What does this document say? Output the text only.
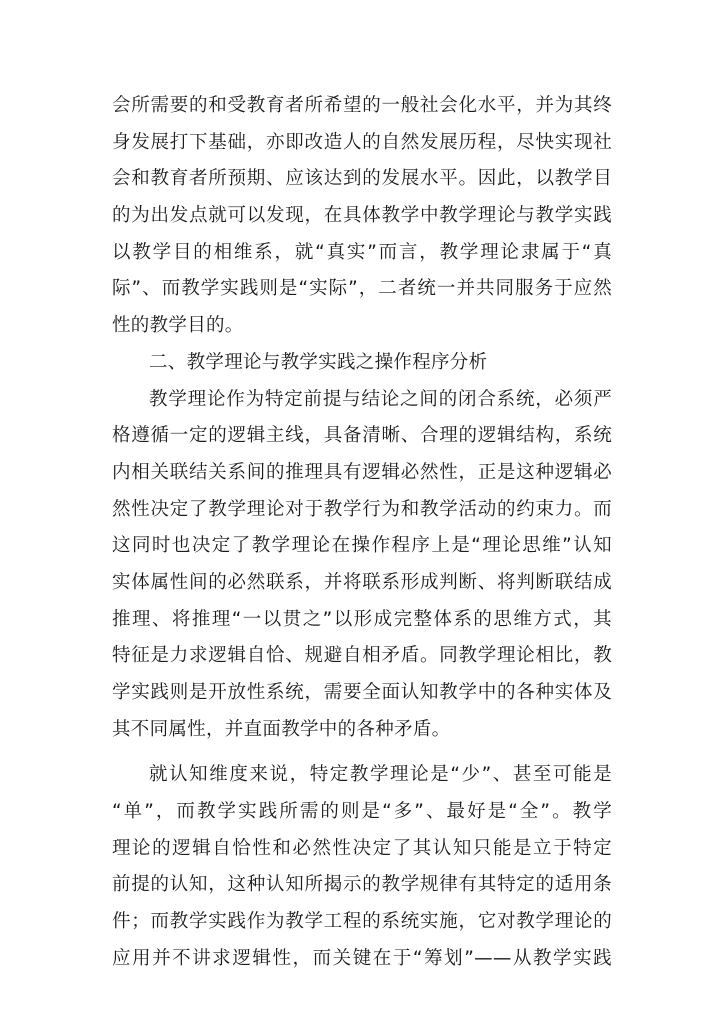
会所需要的和受教育者所希望的一般社会化水平，并为其终
身发展打下基础，亦即改造人的自然发展历程，尽快实现社
会和教育者所预期、应该达到的发展水平。因此，以教学目
的为出发点就可以发现，在具体教学中教学理论与教学实践
以教学目的相维系，就“真实”而言，教学理论隶属于“真
际”、而教学实践则是“实际”，二者统一并共同服务于应然
性的教学目的。
二、教学理论与教学实践之操作程序分析
教学理论作为特定前提与结论之间的闭合系统，必须严
格遵循一定的逻辑主线，具备清晰、合理的逻辑结构，系统
内相关联结关系间的推理具有逻辑必然性，正是这种逻辑必
然性决定了教学理论对于教学行为和教学活动的约束力。而
这同时也决定了教学理论在操作程序上是“理论思维”认知
实体属性间的必然联系，并将联系形成判断、将判断联结成
推理、将推理“一以贯之”以形成完整体系的思维方式，其
特征是力求逻辑自恰、规避自相矛盾。同教学理论相比，教
学实践则是开放性系统，需要全面认知教学中的各种实体及
其不同属性，并直面教学中的各种矛盾。
就认知维度来说，特定教学理论是“少”、甚至可能是
“单”，而教学实践所需的则是“多”、最好是“全”。教学
理论的逻辑自恰性和必然性决定了其认知只能是立于特定
前提的认知，这种认知所揭示的教学规律有其特定的适用条
件；而教学实践作为教学工程的系统实施，它对教学理论的
应用并不讲求逻辑性，而关键在于“筹划”——从教学实践
